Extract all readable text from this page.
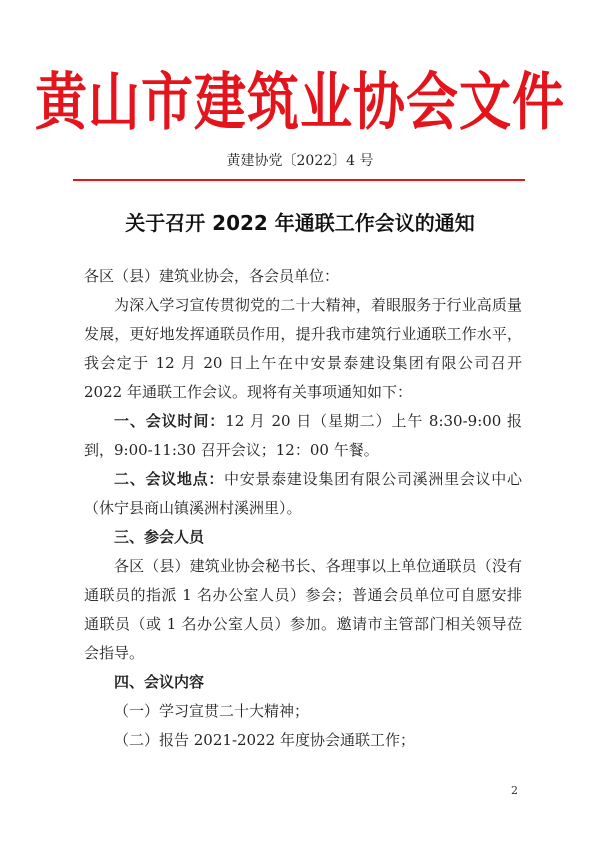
黄山市建筑业协会文件
黄建协党〔2022〕4 号
关于召开 2022 年通联工作会议的通知

各区（县）建筑业协会，各会员单位：

为深入学习宣传贯彻党的二十大精神，着眼服务于行业高质量发展，更好地发挥通联员作用，提升我市建筑行业通联工作水平，我会定于 12 月 20 日上午在中安景泰建设集团有限公司召开 2022 年通联工作会议。现将有关事项通知如下：

一、会议时间：12 月 20 日（星期二）上午 8:30-9:00 报到，9:00-11:30 召开会议；12：00 午餐。

二、会议地点：中安景泰建设集团有限公司溪洲里会议中心（休宁县商山镇溪洲村溪洲里）。

三、参会人员

各区（县）建筑业协会秘书长、各理事以上单位通联员（没有通联员的指派 1 名办公室人员）参会；普通会员单位可自愿安排通联员（或 1 名办公室人员）参加。邀请市主管部门相关领导莅会指导。

四、会议内容

（一）学习宣贯二十大精神；

（二）报告 2021-2022 年度协会通联工作；

2
